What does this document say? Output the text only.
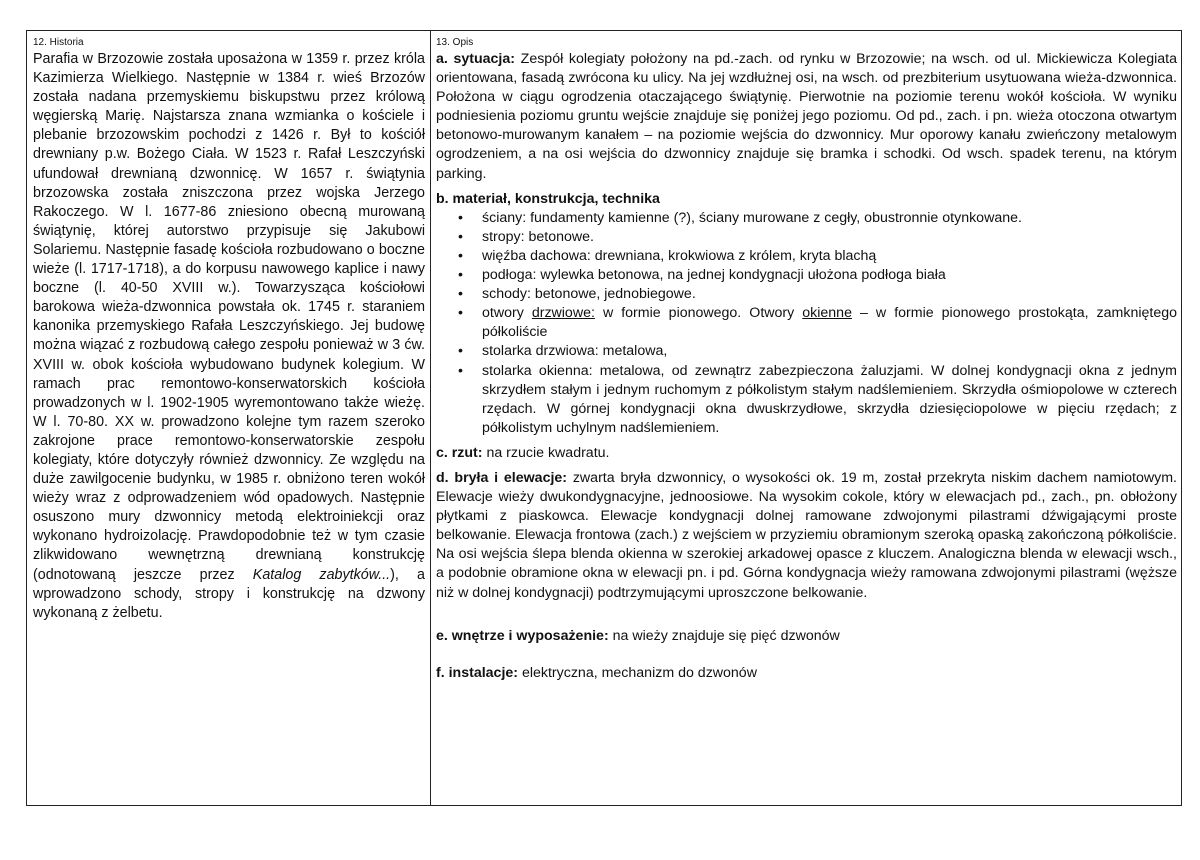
12. Historia

Parafia w Brzozowie została uposażona w 1359 r. przez króla Kazimierza Wielkiego. Następnie w 1384 r. wieś Brzozów została nadana przemyskiemu biskupstwu przez królową węgierską Marię. Najstarsza znana wzmianka o kościele i plebanie brzozowskim pochodzi z 1426 r. Był to kościół drewniany p.w. Bożego Ciała. W 1523 r. Rafał Leszczyński ufundował drewnianą dzwonnicę. W 1657 r. świątynia brzozowska została zniszczona przez wojska Jerzego Rakoczego. W l. 1677-86 zniesiono obecną murowaną świątynię, której autorstwo przypisuje się Jakubowi Solariemu. Następnie fasadę kościoła rozbudowano o boczne wieże (l. 1717-1718), a do korpusu nawowego kaplice i nawy boczne (l. 40-50 XVIII w.). Towarzysząca kościołowi barokowa wieża-dzwonnica powstała ok. 1745 r. staraniem kanonika przemyskiego Rafała Leszczyńskiego. Jej budowę można wiązać z rozbudową całego zespołu ponieważ w 3 ćw. XVIII w. obok kościoła wybudowano budynek kolegium. W ramach prac remontowo-konserwatorskich kościoła prowadzonych w l. 1902-1905 wyremontowano także wieżę. W l. 70-80. XX w. prowadzono kolejne tym razem szeroko zakrojone prace remontowo-konserwatorskie zespołu kolegiaty, które dotyczyły również dzwonnicy. Ze względu na duże zawilgocenie budynku, w 1985 r. obniżono teren wokół wieży wraz z odprowadzeniem wód opadowych. Następnie osuszono mury dzwonnicy metodą elektroiniekcji oraz wykonano hydroizolację. Prawdopodobnie też w tym czasie zlikwidowano wewnętrzną drewnianą konstrukcję (odnotowaną jeszcze przez Katalog zabytków...), a wprowadzono schody, stropy i konstrukcję na dzwony wykonaną z żelbetu.

13. Opis

a. sytuacja: Zespół kolegiaty położony na pd.-zach. od rynku w Brzozowie; na wsch. od ul. Mickiewicza Kolegiata orientowana, fasadą zwrócona ku ulicy. Na jej wzdłużnej osi, na wsch. od prezbiterium usytuowana wieża-dzwonnica. Położona w ciągu ogrodzenia otaczającego świątynię. Pierwotnie na poziomie terenu wokół kościoła. W wyniku podniesienia poziomu gruntu wejście znajduje się poniżej jego poziomu. Od pd., zach. i pn. wieża otoczona otwartym betonowo-murowanym kanałem – na poziomie wejścia do dzwonnicy. Mur oporowy kanału zwieńczony metalowym ogrodzeniem, a na osi wejścia do dzwonnicy znajduje się bramka i schodki. Od wsch. spadek terenu, na którym parking.

b. materiał, konstrukcja, technika

• ściany: fundamenty kamienne (?), ściany murowane z cegły, obustronnie otynkowane.
• stropy: betonowe.
• więźba dachowa: drewniana, krokwiowa z królem, kryta blachą
• podłoga: wylewka betonowa, na jednej kondygnacji ułożona podłoga biała
• schody: betonowe, jednobiegowe.
• otwory drzwiowe: w formie pionowego. Otwory okienne – w formie pionowego prostokąta, zamkniętego półkoliście
• stolarka drzwiowa: metalowa,
• stolarka okienna: metalowa, od zewnątrz zabezpieczona żaluzjami. W dolnej kondygnacji okna z jednym skrzydłem stałym i jednym ruchomym z półkolistym stałym nadślemieniem. Skrzydła ośmiopolowe w czterech rzędach. W górnej kondygnacji okna dwuskrzydłowe, skrzydła dziesięciopolowe w pięciu rzędach; z półkolistym uchylnym nadślemieniem.

c. rzut: na rzucie kwadratu.

d. bryła i elewacje: zwarta bryła dzwonnicy, o wysokości ok. 19 m, został przekryta niskim dachem namiotowym. Elewacje wieży dwukondygnacyjne, jednoosiowe. Na wysokim cokole, który w elewacjach pd., zach., pn. obłożony płytkami z piaskowca. Elewacje kondygnacji dolnej ramowane zdwojonymi pilastrami dźwigającymi proste belkowanie. Elewacja frontowa (zach.) z wejściem w przyziemiu obramionym szeroką opaską zakończoną półkoliście. Na osi wejścia ślepa blenda okienna w szerokiej arkadowej opasce z kluczem. Analogiczna blenda w elewacji wsch., a podobnie obramione okna w elewacji pn. i pd. Górna kondygnacja wieży ramowana zdwojonymi pilastrami (węższe niż w dolnej kondygnacji) podtrzymującymi uproszczone belkowanie.

e. wnętrze i wyposażenie: na wieży znajduje się pięć dzwonów

f. instalacje: elektryczna, mechanizm do dzwonów
